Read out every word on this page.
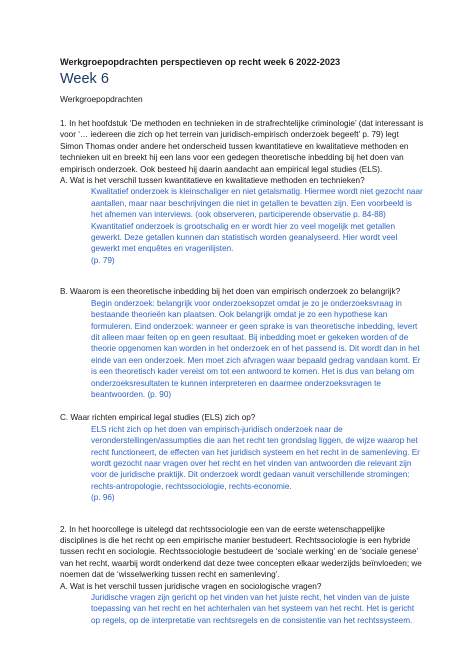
Werkgroepopdrachten perspectieven op recht week 6 2022-2023

Week 6

Werkgroepopdrachten

1. In het hoofdstuk ‘De methoden en technieken in de strafrechtelijke criminologie’ (dat interessant is voor ‘… iedereen die zich op het terrein van juridisch-empirisch onderzoek begeeft’ p. 79) legt Simon Thomas onder andere het onderscheid tussen kwantitatieve en kwalitatieve methoden en technieken uit en breekt hij een lans voor een gedegen theoretische inbedding bij het doen van empirisch onderzoek. Ook besteed hij daarin aandacht aan empirical legal studies (ELS).

A. Wat is het verschil tussen kwantitatieve en kwalitatieve methoden en technieken?

Kwalitatief onderzoek is kleinschaliger en niet getalsmatig. Hiermee wordt niet gezocht naar aantallen, maar naar beschrijvingen die niet in getallen te bevatten zijn. Een voorbeeld is het afnemen van interviews. (ook observeren, participerende observatie p. 84-88)

Kwantitatief onderzoek is grootschalig en er wordt hier zo veel mogelijk met getallen gewerkt. Deze getallen kunnen dan statistisch worden geanalyseerd. Hier wordt veel gewerkt met enquêtes en vragenlijsten.

(p. 79)

B. Waarom is een theoretische inbedding bij het doen van empirisch onderzoek zo belangrijk?

Begin onderzoek: belangrijk voor onderzoeksopzet omdat je zo je onderzoeksvraag in bestaande theorieën kan plaatsen. Ook belangrijk omdat je zo een hypothese kan formuleren. Eind onderzoek: wanneer er geen sprake is van theoretische inbedding, levert dit alleen maar feiten op en geen resultaat. Bij inbedding moet er gekeken worden of de theorie opgenomen kan worden in het onderzoek en of het passend is. Dit wordt dan in het einde van een onderzoek. Men moet zich afvragen waar bepaald gedrag vandaan komt. Er is een theoretisch kader vereist om tot een antwoord te komen. Het is dus van belang om onderzoeksresultaten te kunnen interpreteren en daarmee onderzoeksvragen te beantwoorden. (p. 90)

C. Waar richten empirical legal studies (ELS) zich op?

ELS richt zich op het doen van empirisch-juridisch onderzoek naar de veronderstellingen/assumpties die aan het recht ten grondslag liggen, de wijze waarop het recht functioneert, de effecten van het juridisch systeem en het recht in de samenleving. Er wordt gezocht naar vragen over het recht en het vinden van antwoorden die relevant zijn voor de juridische praktijk. Dit onderzoek wordt gedaan vanuit verschillende stromingen: rechts-antropologie, rechtssociologie, rechts-economie.

(p. 96)

2. In het hoorcollege is uitelegd dat rechtssociologie een van de eerste wetenschappelijke disciplines is die het recht op een empirische manier bestudeert. Rechtssociologie is een hybride tussen recht en sociologie. Rechtssociologie bestudeert de ‘sociale werking’ en de ‘sociale genese’ van het recht, waarbij wordt onderkend dat deze twee concepten elkaar wederzijds beïnvloeden; we noemen dat de ‘wisselwerking tussen recht en samenleving’.

A. Wat is het verschil tussen juridische vragen en sociologische vragen?

Juridische vragen zijn gericht op het vinden van het juiste recht, het vinden van de juiste toepassing van het recht en het achterhalen van het systeem van het recht. Het is gericht op regels, op de interpretatie van rechtsregels en de consistentie van het rechtssysteem.
